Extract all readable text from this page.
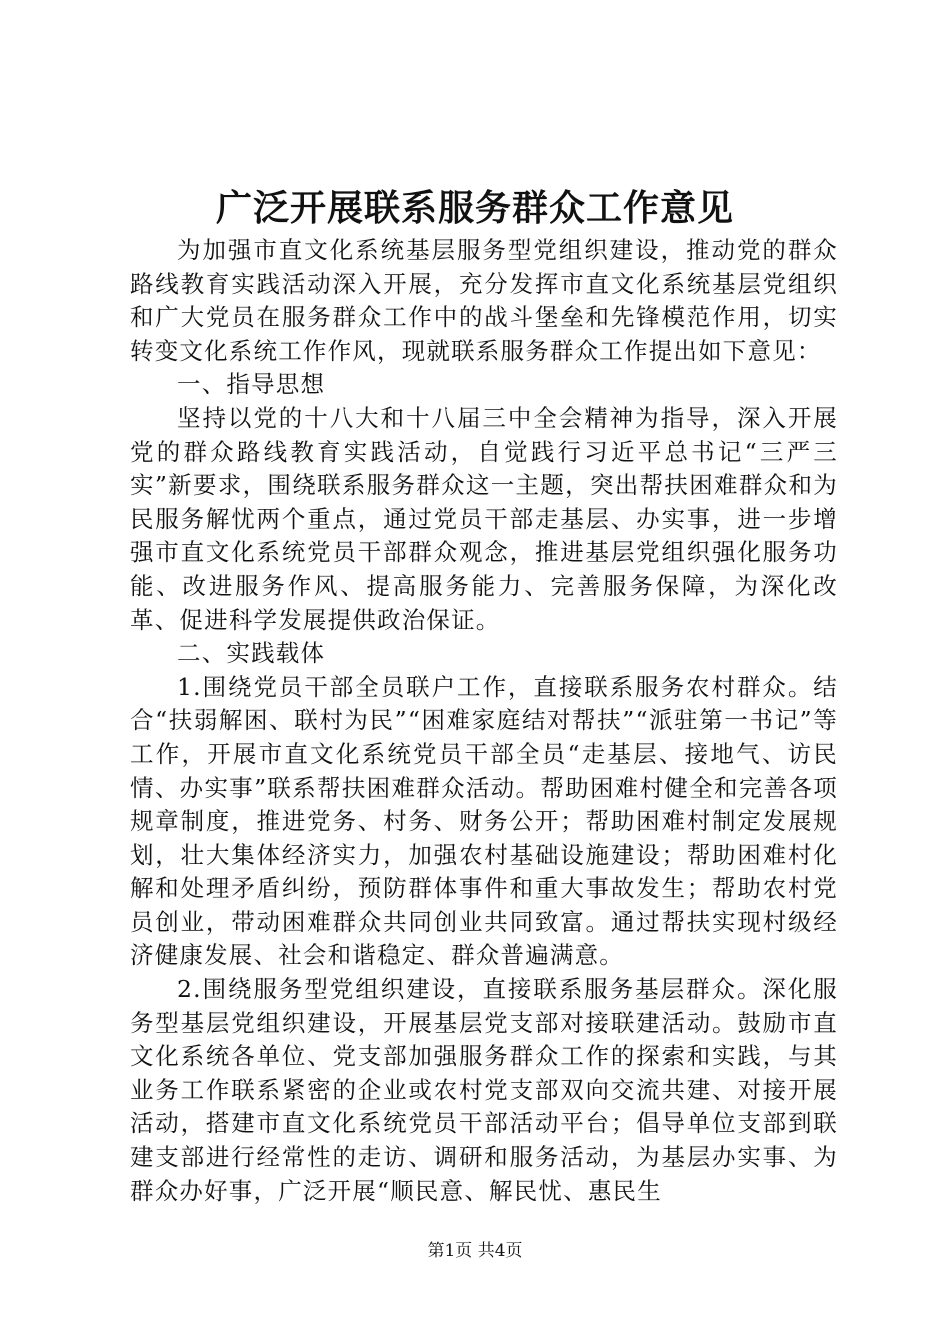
广泛开展联系服务群众工作意见

为加强市直文化系统基层服务型党组织建设，推动党的群众路线教育实践活动深入开展，充分发挥市直文化系统基层党组织和广大党员在服务群众工作中的战斗堡垒和先锋模范作用，切实转变文化系统工作作风，现就联系服务群众工作提出如下意见：

一、指导思想

坚持以党的十八大和十八届三中全会精神为指导，深入开展党的群众路线教育实践活动，自觉践行习近平总书记“三严三实”新要求，围绕联系服务群众这一主题，突出帮扶困难群众和为民服务解忧两个重点，通过党员干部走基层、办实事，进一步增强市直文化系统党员干部群众观念，推进基层党组织强化服务功能、改进服务作风、提高服务能力、完善服务保障，为深化改革、促进科学发展提供政治保证。

二、实践载体

1.围绕党员干部全员联户工作，直接联系服务农村群众。结合“扶弱解困、联村为民”“困难家庭结对帮扶”“派驻第一书记”等工作，开展市直文化系统党员干部全员“走基层、接地气、访民情、办实事”联系帮扶困难群众活动。帮助困难村健全和完善各项规章制度，推进党务、村务、财务公开；帮助困难村制定发展规划，壮大集体经济实力，加强农村基础设施建设；帮助困难村化解和处理矛盾纠纷，预防群体事件和重大事故发生；帮助农村党员创业，带动困难群众共同创业共同致富。通过帮扶实现村级经济健康发展、社会和谐稳定、群众普遍满意。

2.围绕服务型党组织建设，直接联系服务基层群众。深化服务型基层党组织建设，开展基层党支部对接联建活动。鼓励市直文化系统各单位、党支部加强服务群众工作的探索和实践，与其业务工作联系紧密的企业或农村党支部双向交流共建、对接开展活动，搭建市直文化系统党员干部活动平台；倡导单位支部到联建支部进行经常性的走访、调研和服务活动，为基层办实事、为群众办好事，广泛开展“顺民意、解民忧、惠民生

第1页 共4页
